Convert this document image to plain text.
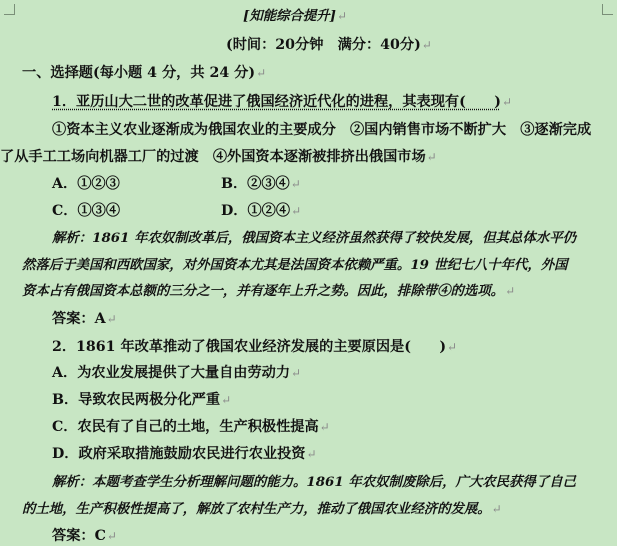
[知能综合提升]↵
(时间：20分钟　满分：40分)↵
一、选择题(每小题 4 分，共 24 分)↵
1．亚历山大二世的改革促进了俄国经济近代化的进程，其表现有(　　)↵
①资本主义农业逐渐成为俄国农业的主要成分　②国内销售市场不断扩大　③逐渐完成
了从手工工场向机器工厂的过渡　④外国资本逐渐被排挤出俄国市场↵
A．①②③	B．②③④↵
C．①③④	D．①②④↵
解析：1861 年农奴制改革后，俄国资本主义经济虽然获得了较快发展，但其总体水平仍
然落后于美国和西欧国家，对外国资本尤其是法国资本依赖严重。19 世纪七八十年代，外国
资本占有俄国资本总额的三分之一，并有逐年上升之势。因此，排除带④的选项。↵
答案：A↵
2．1861 年改革推动了俄国农业经济发展的主要原因是(　　)↵
A．为农业发展提供了大量自由劳动力↵
B．导致农民两极分化严重↵
C．农民有了自己的土地，生产积极性提高↵
D．政府采取措施鼓励农民进行农业投资↵
解析：本题考查学生分析理解问题的能力。1861 年农奴制废除后，广大农民获得了自己
的土地，生产积极性提高了，解放了农村生产力，推动了俄国农业经济的发展。↵
答案：C↵
